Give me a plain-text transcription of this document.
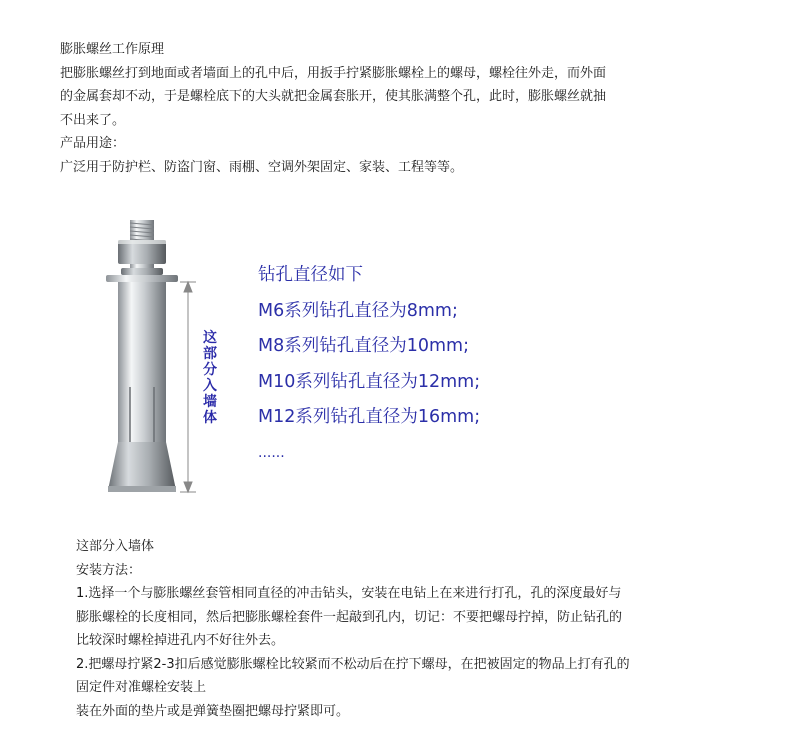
膨胀螺丝工作原理

把膨胀螺丝打到地面或者墙面上的孔中后，用扳手拧紧膨胀螺栓上的螺母，螺栓往外走，而外面

的金属套却不动，于是螺栓底下的大头就把金属套胀开，使其胀满整个孔，此时，膨胀螺丝就抽

不出来了。

产品用途：

广泛用于防护栏、防盗门窗、雨棚、空调外架固定、家装、工程等等。

这
部
分
入
墙
体

钻孔直径如下

M6系列钻孔直径为8mm;

M8系列钻孔直径为10mm;

M10系列钻孔直径为12mm;

M12系列钻孔直径为16mm;

......

这部分入墙体

安装方法：

1.选择一个与膨胀螺丝套管相同直径的冲击钻头，安装在电钻上在来进行打孔，孔的深度最好与

膨胀螺栓的长度相同，然后把膨胀螺栓套件一起敲到孔内，切记：不要把螺母拧掉，防止钻孔的

比较深时螺栓掉进孔内不好往外去。

2.把螺母拧紧2-3扣后感觉膨胀螺栓比较紧而不松动后在拧下螺母，在把被固定的物品上打有孔的

固定件对准螺栓安装上

装在外面的垫片或是弹簧垫圈把螺母拧紧即可。
